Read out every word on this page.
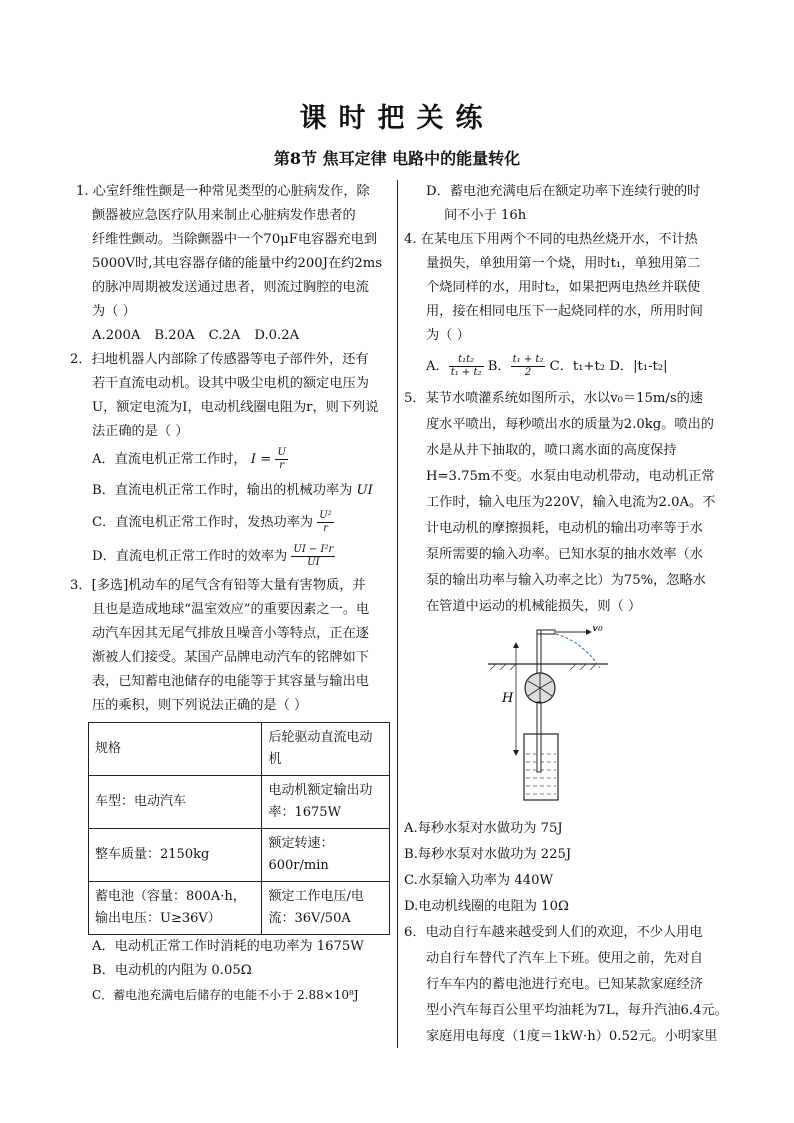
课时把关练
第8节 焦耳定律 电路中的能量转化
1. 心室纤维性颤是一种常见类型的心脏病发作，除
颤器被应急医疗队用来制止心脏病发作患者的
纤维性颤动。当除颤器中一个70μF电容器充电到
5000V时,其电容器存储的能量中约200J在约2ms
的脉冲周期被发送通过患者，则流过胸腔的电流
为（ ）
A.200A B.20A C.2A D.0.2A
2．扫地机器人内部除了传感器等电子部件外，还有
若干直流电动机。设其中吸尘电机的额定电压为
U，额定电流为I，电动机线圈电阻为r，则下列说
法正确的是（ ）
A．直流电机正常工作时， $I = \frac{U}{r}$
B．直流电机正常工作时，输出的机械功率为 UI
C．直流电机正常工作时，发热功率为 $\frac{\text{U²}}{r}$
D．直流电机正常工作时的效率为 $\frac{\text{UI − I²r}}{UI}$
3．[多选]机动车的尾气含有铅等大量有害物质，并
且也是造成地球“温室效应”的重要因素之一。电
动汽车因其无尾气排放且噪音小等特点，正在逐
渐被人们接受。某国产品牌电动汽车的铭牌如下
表，已知蓄电池储存的电能等于其容量与输出电
压的乘积，则下列说法正确的是（ ）
规格	后轮驱动直流电动机
车型：电动汽车	电动机额定输出功率：1675W
整车质量：2150kg	额定转速：600r/min
蓄电池（容量：800A·h，输出电压：U≥36V）	额定工作电压/电流：36V/50A
A．电动机正常工作时消耗的电功率为 1675W
B．电动机的内阻为 0.05Ω
C．蓄电池充满电后储存的电能不小于 2.88×10⁸J
D．蓄电池充满电后在额定功率下连续行驶的时
间不小于 16h
4. 在某电压下用两个不同的电热丝烧开水，不计热
量损失，单独用第一个烧，用时t₁，单独用第二
个烧同样的水，用时t₂，如果把两电热丝并联使
用，接在相同电压下一起烧同样的水，所用时间
为（ ）
A． $\frac{\text{t₁t₂}}{\text{t₁ + t₂}}$ B． $\frac{\text{t₁ + t₂}}{2}$ C．t₁+t₂ D．|t₁-t₂|
5．某节水喷灌系统如图所示，水以v₀＝15m/s的速
度水平喷出，每秒喷出水的质量为2.0kg。喷出的
水是从井下抽取的，喷口离水面的高度保持
H=3.75m不变。水泵由电动机带动，电动机正常
工作时，输入电压为220V，输入电流为2.0A。不
计电动机的摩擦损耗，电动机的输出功率等于水
泵所需要的输入功率。已知水泵的抽水效率（水
泵的输出功率与输入功率之比）为75%，忽略水
在管道中运动的机械能损失，则（ ）
v₀
H
A.每秒水泵对水做功为 75J
B.每秒水泵对水做功为 225J
C.水泵输入功率为 440W
D.电动机线圈的电阻为 10Ω
6．电动自行车越来越受到人们的欢迎，不少人用电
动自行车替代了汽车上下班。使用之前，先对自
行车车内的蓄电池进行充电。已知某款家庭经济
型小汽车每百公里平均油耗为7L，每升汽油6.4元。
家庭用电每度（1度＝1kW·h）0.52元。小明家里
